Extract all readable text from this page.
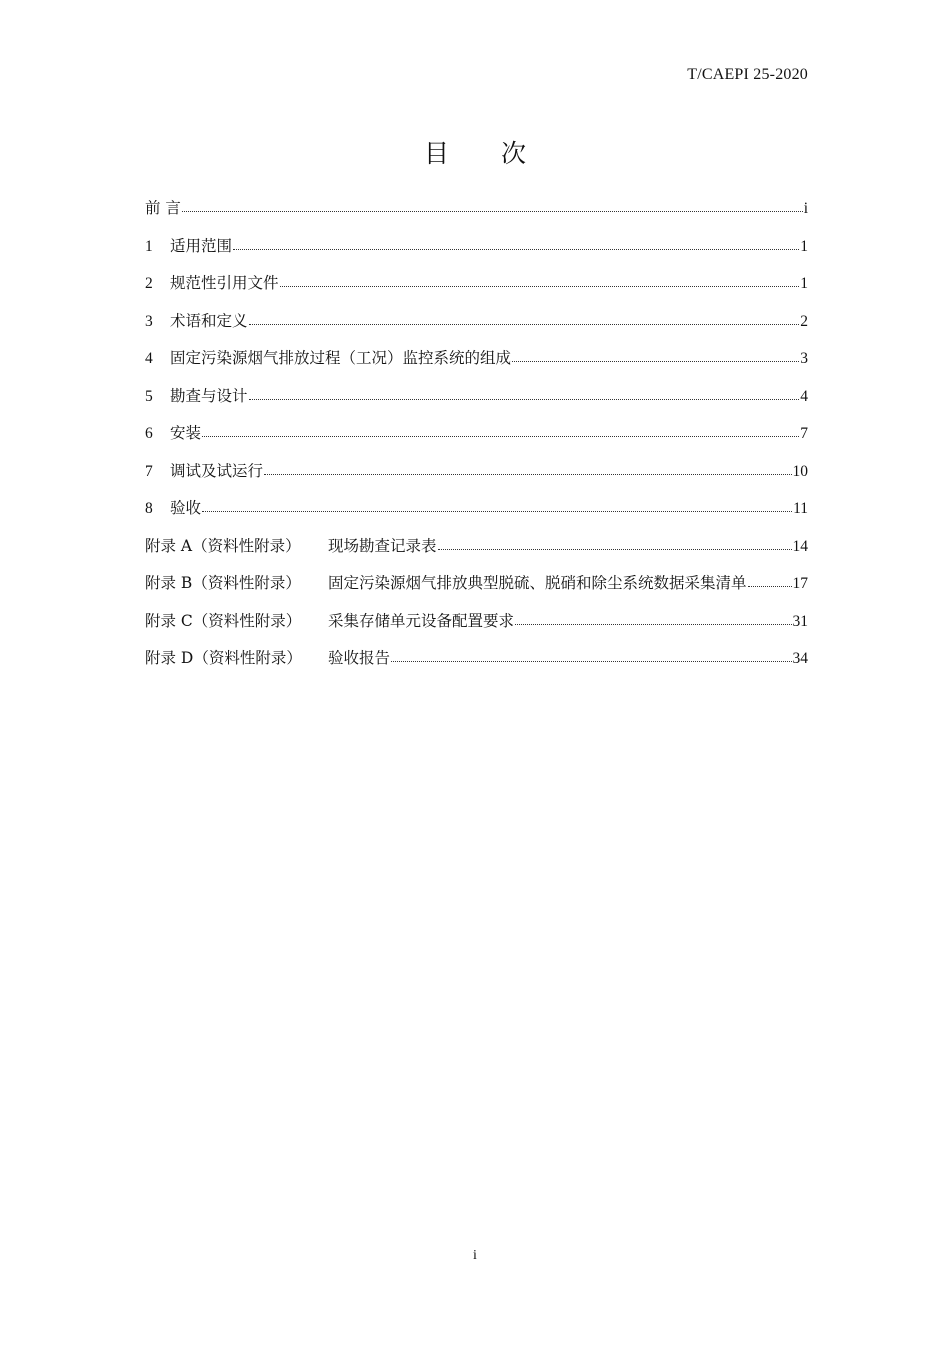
T/CAEPI 25-2020
目 次
前 言	i
1	适用范围	1
2	规范性引用文件	1
3	术语和定义	2
4	固定污染源烟气排放过程（工况）监控系统的组成	3
5	勘查与设计	4
6	安装	7
7	调试及试运行	10
8	验收	11
附录 A（资料性附录）	现场勘查记录表	14
附录 B（资料性附录）	固定污染源烟气排放典型脱硫、脱硝和除尘系统数据采集清单	17
附录 C（资料性附录）	采集存储单元设备配置要求	31
附录 D（资料性附录）	验收报告	34
i
